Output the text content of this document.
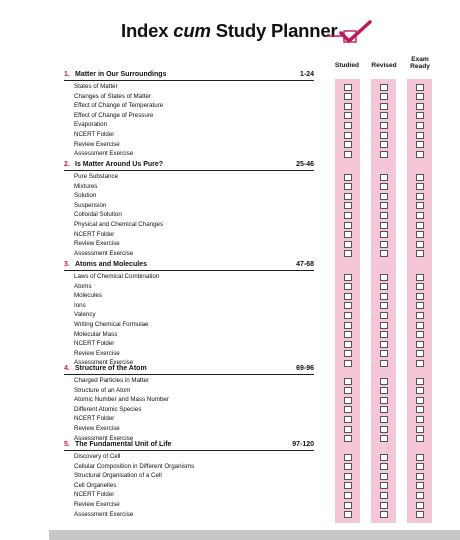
Index cum Study Planner
Studied	Revised
Exam
Ready
1. Matter in Our Surroundings	1-24
States of Matter
Changes of States of Matter
Effect of Change of Temperature
Effect of Change of Pressure
Evaporation
NCERT Folder
Review Exercise
Assessment Exercise
2. Is Matter Around Us Pure?	25-46
Pure Substance
Mixtures
Solution
Suspension
Colloidal Solution
Physical and Chemical Changes
NCERT Folder
Review Exercise
Assessment Exercise
3. Atoms and Molecules	47-68
Laws of Chemical Combination
Atoms
Molecules
Ions
Valency
Writing Chemical Formulae
Molecular Mass
NCERT Folder
Review Exercise
Assessment Exercise
4. Structure of the Atom	69-96
Charged Particles in Matter
Structure of an Atom
Atomic Number and Mass Number
Different Atomic Species
NCERT Folder
Review Exercise
Assessment Exercise
5. The Fundamental Unit of Life	97-120
Discovery of Cell
Cellular Composition in Different Organisms
Structural Organisation of a Cell
Cell Organelles
NCERT Folder
Review Exercise
Assessment Exercise
